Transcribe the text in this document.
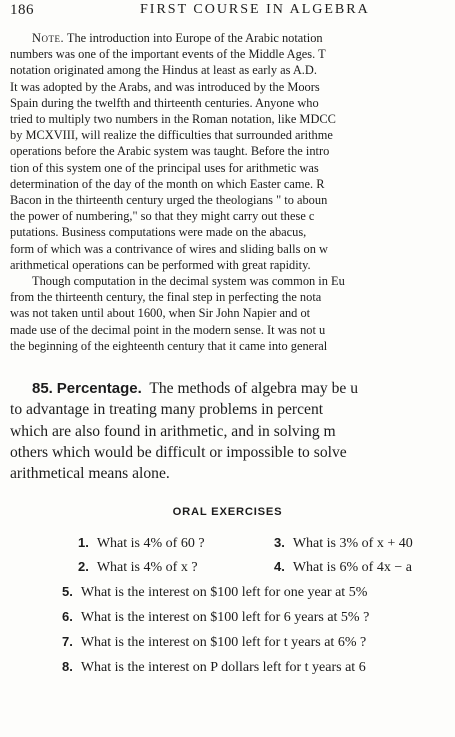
186	FIRST COURSE IN ALGEBRA
Note. The introduction into Europe of the Arabic notation
numbers was one of the important events of the Middle Ages. T
notation originated among the Hindus at least as early as A.D.
It was adopted by the Arabs, and was introduced by the Moors
Spain during the twelfth and thirteenth centuries. Anyone who
tried to multiply two numbers in the Roman notation, like MDCC
by MCXVIII, will realize the difficulties that surrounded arithme
operations before the Arabic system was taught. Before the intro
tion of this system one of the principal uses for arithmetic was
determination of the day of the month on which Easter came. R
Bacon in the thirteenth century urged the theologians " to aboun
the power of numbering," so that they might carry out these c
putations. Business computations were made on the abacus,
form of which was a contrivance of wires and sliding balls on w
arithmetical operations can be performed with great rapidity.
Though computation in the decimal system was common in Eu
from the thirteenth century, the final step in perfecting the nota
was not taken until about 1600, when Sir John Napier and ot
made use of the decimal point in the modern sense. It was not u
the beginning of the eighteenth century that it came into general
85. Percentage. The methods of algebra may be u
to advantage in treating many problems in percent
which are also found in arithmetic, and in solving m
others which would be difficult or impossible to solve
arithmetical means alone.
ORAL EXERCISES
1. What is 4% of 60 ?	3. What is 3% of x + 40
2. What is 4% of x ?	4. What is 6% of 4x − a
5. What is the interest on $100 left for one year at 5%
6. What is the interest on $100 left for 6 years at 5% ?
7. What is the interest on $100 left for t years at 6% ?
8. What is the interest on P dollars left for t years at 6
